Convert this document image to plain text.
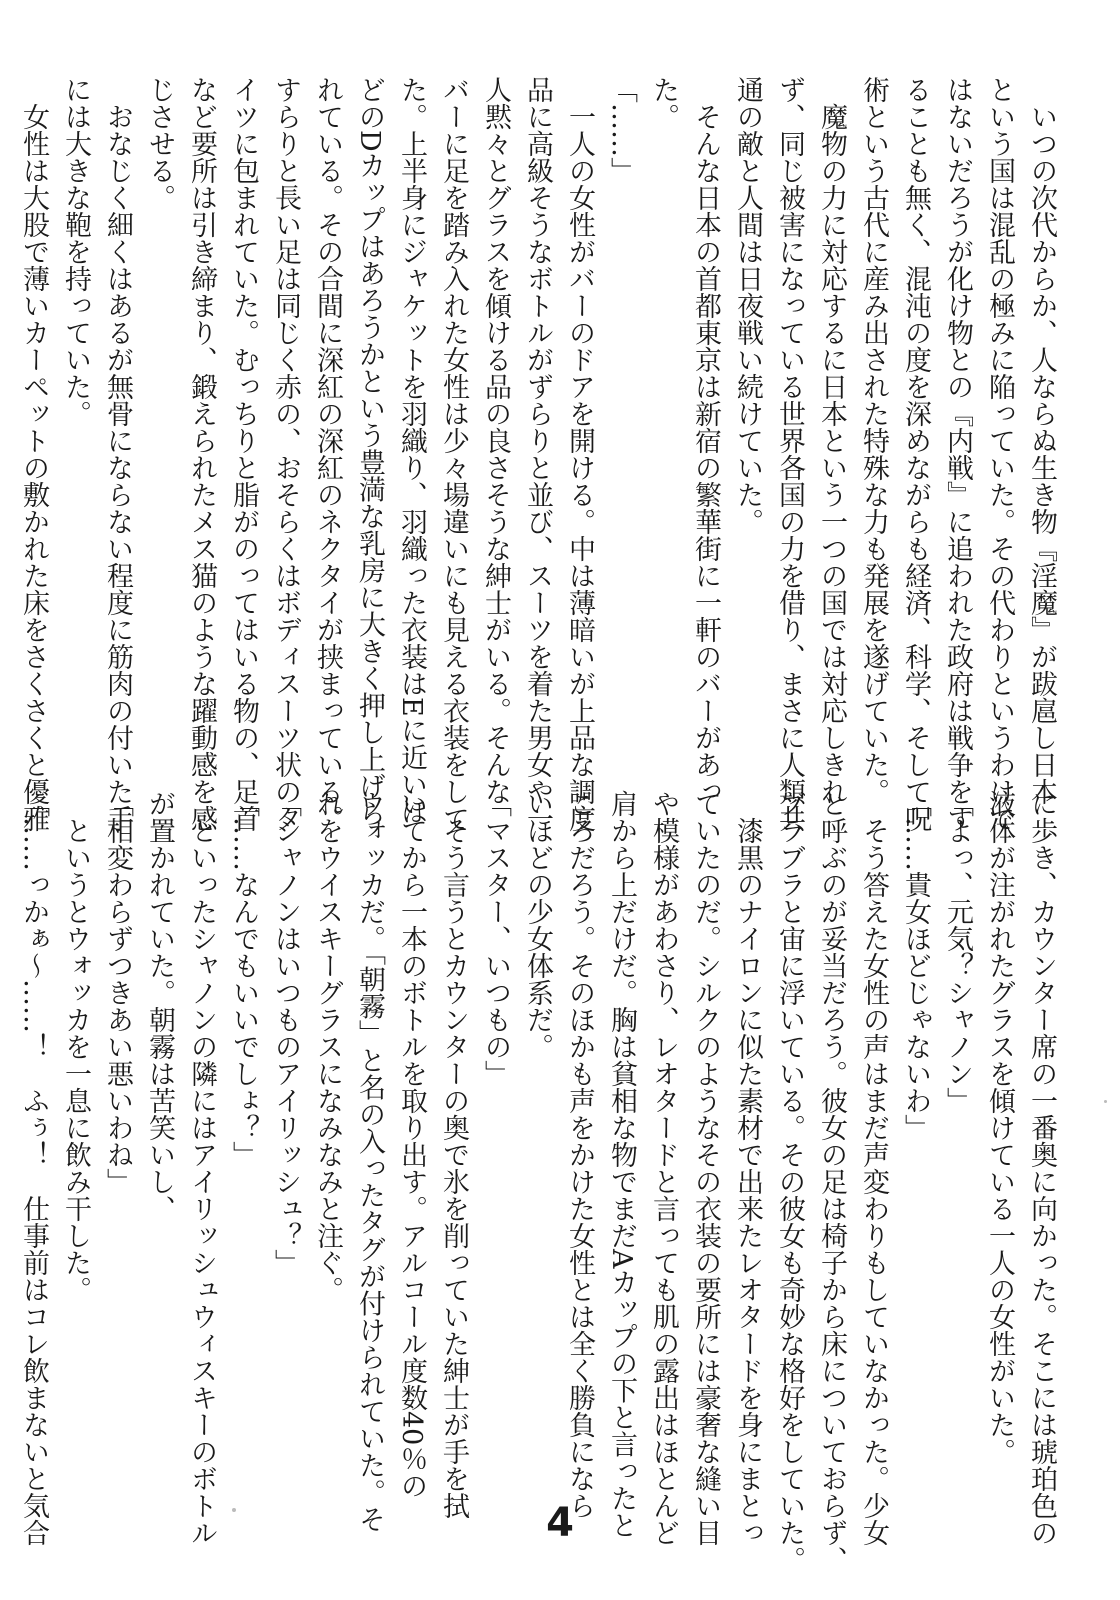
　いつの次代からか、人ならぬ生き物『淫魔』が跋扈し日本
という国は混乱の極みに陥っていた。その代わりというわけで
はないだろうが化け物との『内戦』に追われた政府は戦争をす
ることも無く、混沌の度を深めながらも経済、科学、そして呪
術という古代に産み出された特殊な力も発展を遂げていた。
　魔物の力に対応するに日本という一つの国では対応しきれ
ず、同じ被害になっている世界各国の力を借り、まさに人類共
通の敵と人間は日夜戦い続けていた。
　そんな日本の首都東京は新宿の繁華街に一軒のバーがあっ
た。
「……」
　一人の女性がバーのドアを開ける。中は薄暗いが上品な調度
品に高級そうなボトルがずらりと並び、スーツを着た男女や一
人黙々とグラスを傾ける品の良さそうな紳士がいる。そんな
バーに足を踏み入れた女性は少々場違いにも見える衣装をして
た。上半身にジャケットを羽織り、羽織った衣装はEに近いほ
どのDカップはあろうかという豊満な乳房に大きく押し上げら
れている。その合間に深紅の深紅のネクタイが挟まっている。
すらりと長い足は同じく赤の、おそらくはボディスーツ状のタ
イツに包まれていた。むっちりと脂がのってはいる物の、足首
など要所は引き締まり、鍛えられたメス猫のような躍動感を感
じさせる。
　おなじく細くはあるが無骨にならない程度に筋肉の付いた手
には大きな鞄を持っていた。
　女性は大股で薄いカーペットの敷かれた床をさくさくと優雅
に歩き、カウンター席の一番奥に向かった。そこには琥珀色の
液体が注がれたグラスを傾けている一人の女性がいた。
「よっ、元気？シャノン」
「……貴女ほどじゃないわ」
　そう答えた女性の声はまだ声変わりもしていなかった。少女
と呼ぶのが妥当だろう。彼女の足は椅子から床についておらず、
ブラブラと宙に浮いている。その彼女も奇妙な格好をしていた。
　漆黒のナイロンに似た素材で出来たレオタードを身にまとっ
ていたのだ。シルクのようなその衣装の要所には豪奢な縫い目
や模様があわさり、レオタードと言っても肌の露出はほとんど
肩から上だけだ。胸は貧相な物でまだAカップの下と言ったと
ころだろう。そのほかも声をかけた女性とは全く勝負になら
いほどの少女体系だ。
「マスター、いつもの」
　そう言うとカウンターの奥で氷を削っていた紳士が手を拭
いてから一本のボトルを取り出す。アルコール度数40％の
ウォッカだ。「朝霧」と名の入ったタグが付けられていた。そ
れをウイスキーグラスになみなみと注ぐ。
「シャノンはいつものアイリッシュ？」
「……なんでもいいでしょ？」
　といったシャノンの隣にはアイリッシュウィスキーのボトル
が置かれていた。朝霧は苦笑いし、
「相変わらずつきあい悪いわね」
　というとウォッカを一息に飲み干した。
「……っかぁ～……！　ふぅ！　仕事前はコレ飲まないと気合	4
